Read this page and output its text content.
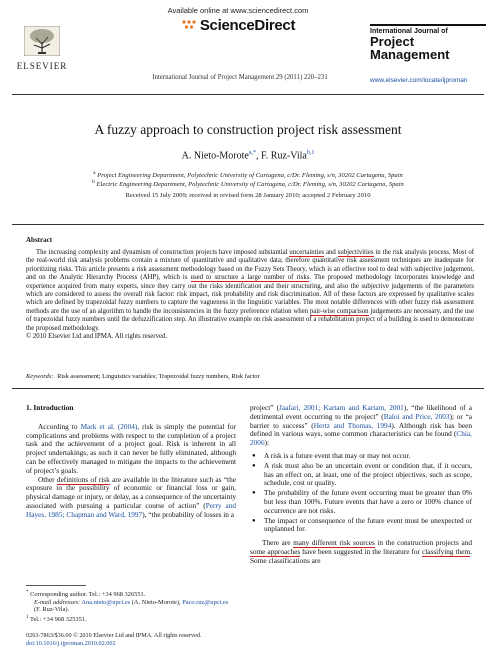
Available online at www.sciencedirect.com
ScienceDirect
ELSEVIER
International Journal of Project Management 29 (2011) 220–231
International Journal of
Project
Management
www.elsevier.com/locate/ijproman
A fuzzy approach to construction project risk assessment
A. Nieto-Morote$^{a,*}$, F. Ruz-Vila$^{b,1}$
$^a$ Project Engineering Department, Polytechnic University of Cartagena, c/Dr. Fleming, s/n, 30202 Cartagena, Spain
$^b$ Electric Engineering Department, Polytechnic University of Cartagena, c/Dr. Fleming, s/n, 30202 Cartagena, Spain
Received 15 July 2009; received in revised form 28 January 2010; accepted 2 February 2010
Abstract

The increasing complexity and dynamism of construction projects have imposed substantial uncertainties and subjectivities in the risk analysis process. Most of the real-world risk analysis problems contain a mixture of quantitative and qualitative data; therefore quantitative risk assessment techniques are inadequate for prioritizing risks. This article presents a risk assessment methodology based on the Fuzzy Sets Theory, which is an effective tool to deal with subjective judgement, and on the Analytic Hierarchy Process (AHP), which is used to structure a large number of risks. The proposed methodology incorporates knowledge and experience acquired from many experts, since they carry out the risks identification and their structuring, and also the subjective judgements of the parameters which are considered to assess the overall risk factor: risk impact, risk probability and risk discrimination. All of these factors are expressed by qualitative scales which are defined by trapezoidal fuzzy numbers to capture the vagueness in the linguistic variables. The most notable differences with other fuzzy risk assessment methods are the use of an algorithm to handle the inconsistencies in the fuzzy preference relation when pair-wise comparison judgements are necessary, and the use of trapezoidal fuzzy numbers until the defuzzification step. An illustrative example on risk assessment of a rehabilitation project of a building is used to demonstrate the proposed methodology.

© 2010 Elsevier Ltd and IPMA. All rights reserved.
Keywords: Risk assessment; Linguistics variables; Trapezoidal fuzzy numbers, Risk factor
1. Introduction

According to Mark et al. (2004), risk is simply the potential for complications and problems with respect to the completion of a project task and the achievement of a project goal. Risk is inherent in all project undertakings, as such it can never be fully eliminated, although can be effectively managed to mitigate the impacts to the achievement of project’s goals.

Other definitions of risk are available in the literature such as “the exposure to the possibility of economic or financial loss or gain, physical damage or injury, or delay, as a consequence of the uncertainty associated with pursuing a particular course of action” (Perry and Hayes, 1985; Chapman and Ward, 1997), “the probability of losses in a

* Corresponding author. Tel.: +34 968 326551.
E-mail addresses: Ana.nieto@upct.es (A. Nieto-Morote), Paco.ruz@upct.es (F. Ruz-Vila).
$^1$ Tel.: +34 968 325351.
0263-7863/$36.00 © 2010 Elsevier Ltd and IPMA. All rights reserved.
doi:10.1016/j.ijproman.2010.02.002

project” (Jaafari, 2001; Kartam and Kartam, 2001), “the likelihood of a detrimental event occurring to the project” (Baloi and Price, 2003); or “a barrier to success” (Hertz and Thomas, 1994). Although risk has been defined in various ways, some common characteristics can be found (Chia, 2006):

● A risk is a future event that may or may not occur.
● A risk must also be an uncertain event or condition that, if it occurs, has an effect on, at least, one of the project objectives, such as scope, schedule, cost or quality.
● The probability of the future event occurring must be greater than 0% but less than 100%. Future events that have a zero or 100% chance of occurrence are not risks.
● The impact or consequence of the future event must be unexpected or unplanned for.

There are many different risk sources in the construction projects and some approaches have been suggested in the literature for classifying them. Some classifications are
